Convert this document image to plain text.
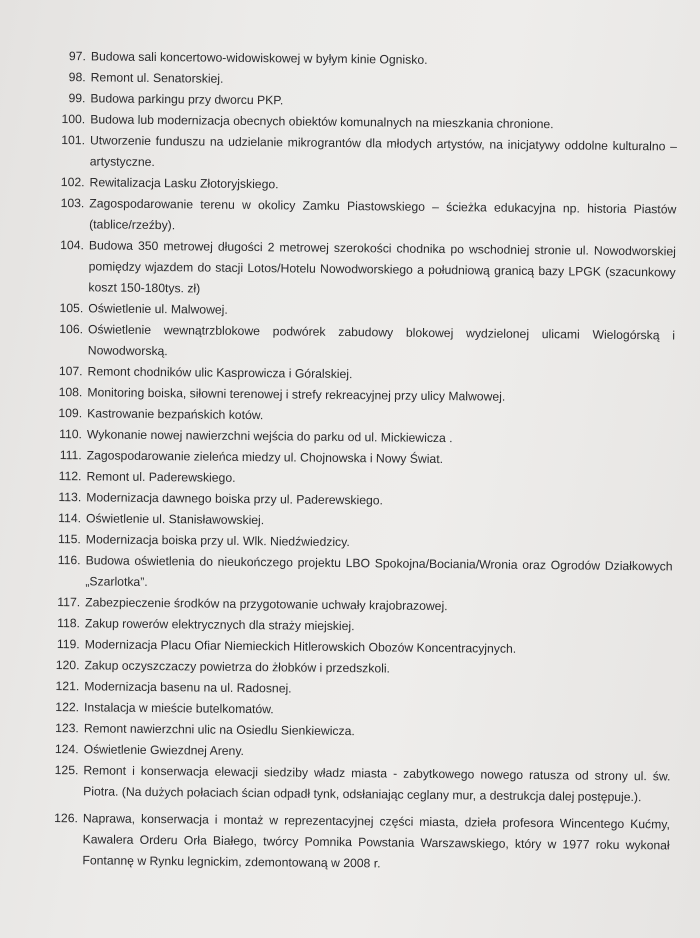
97. Budowa sali koncertowo-widowiskowej w byłym kinie Ognisko.
98. Remont ul. Senatorskiej.
99. Budowa parkingu przy dworcu PKP.
100. Budowa lub modernizacja obecnych obiektów komunalnych na mieszkania chronione.
101. Utworzenie funduszu na udzielanie mikrograntów dla młodych artystów, na inicjatywy oddolne kulturalno – artystyczne.
102. Rewitalizacja Lasku Złotoryjskiego.
103. Zagospodarowanie terenu w okolicy Zamku Piastowskiego – ścieżka edukacyjna np. historia Piastów (tablice/rzeźby).
104. Budowa 350 metrowej długości 2 metrowej szerokości chodnika po wschodniej stronie ul. Nowodworskiej pomiędzy wjazdem do stacji Lotos/Hotelu Nowodworskiego a południową granicą bazy LPGK (szacunkowy koszt 150-180tys. zł)
105. Oświetlenie ul. Malwowej.
106. Oświetlenie wewnątrzblokowe podwórek zabudowy blokowej wydzielonej ulicami Wielogórską i Nowodworską.
107. Remont chodników ulic Kasprowicza i Góralskiej.
108. Monitoring boiska, siłowni terenowej i strefy rekreacyjnej przy ulicy Malwowej.
109. Kastrowanie bezpańskich kotów.
110. Wykonanie nowej nawierzchni wejścia do parku od ul. Mickiewicza .
111. Zagospodarowanie zieleńca miedzy ul. Chojnowska i Nowy Świat.
112. Remont ul. Paderewskiego.
113. Modernizacja dawnego boiska przy ul. Paderewskiego.
114. Oświetlenie ul. Stanisławowskiej.
115. Modernizacja boiska przy ul. Wlk. Niedźwiedzicy.
116. Budowa oświetlenia do nieukończego projektu LBO Spokojna/Bociania/Wronia oraz Ogrodów Działkowych „Szarlotka”.
117. Zabezpieczenie środków na przygotowanie uchwały krajobrazowej.
118. Zakup rowerów elektrycznych dla straży miejskiej.
119. Modernizacja Placu Ofiar Niemieckich Hitlerowskich Obozów Koncentracyjnych.
120. Zakup oczyszczaczy powietrza do żłobków i przedszkoli.
121. Modernizacja basenu na ul. Radosnej.
122. Instalacja w mieście butelkomatów.
123. Remont nawierzchni ulic na Osiedlu Sienkiewicza.
124. Oświetlenie Gwiezdnej Areny.
125. Remont i konserwacja elewacji siedziby władz miasta - zabytkowego nowego ratusza od strony ul. św. Piotra. (Na dużych połaciach ścian odpadł tynk, odsłaniając ceglany mur, a destrukcja dalej postępuje.).
126. Naprawa, konserwacja i montaż w reprezentacyjnej części miasta, dzieła profesora Wincentego Kućmy, Kawalera Orderu Orła Białego, twórcy Pomnika Powstania Warszawskiego, który w 1977 roku wykonał Fontannę w Rynku legnickim, zdemontowaną w 2008 r.
